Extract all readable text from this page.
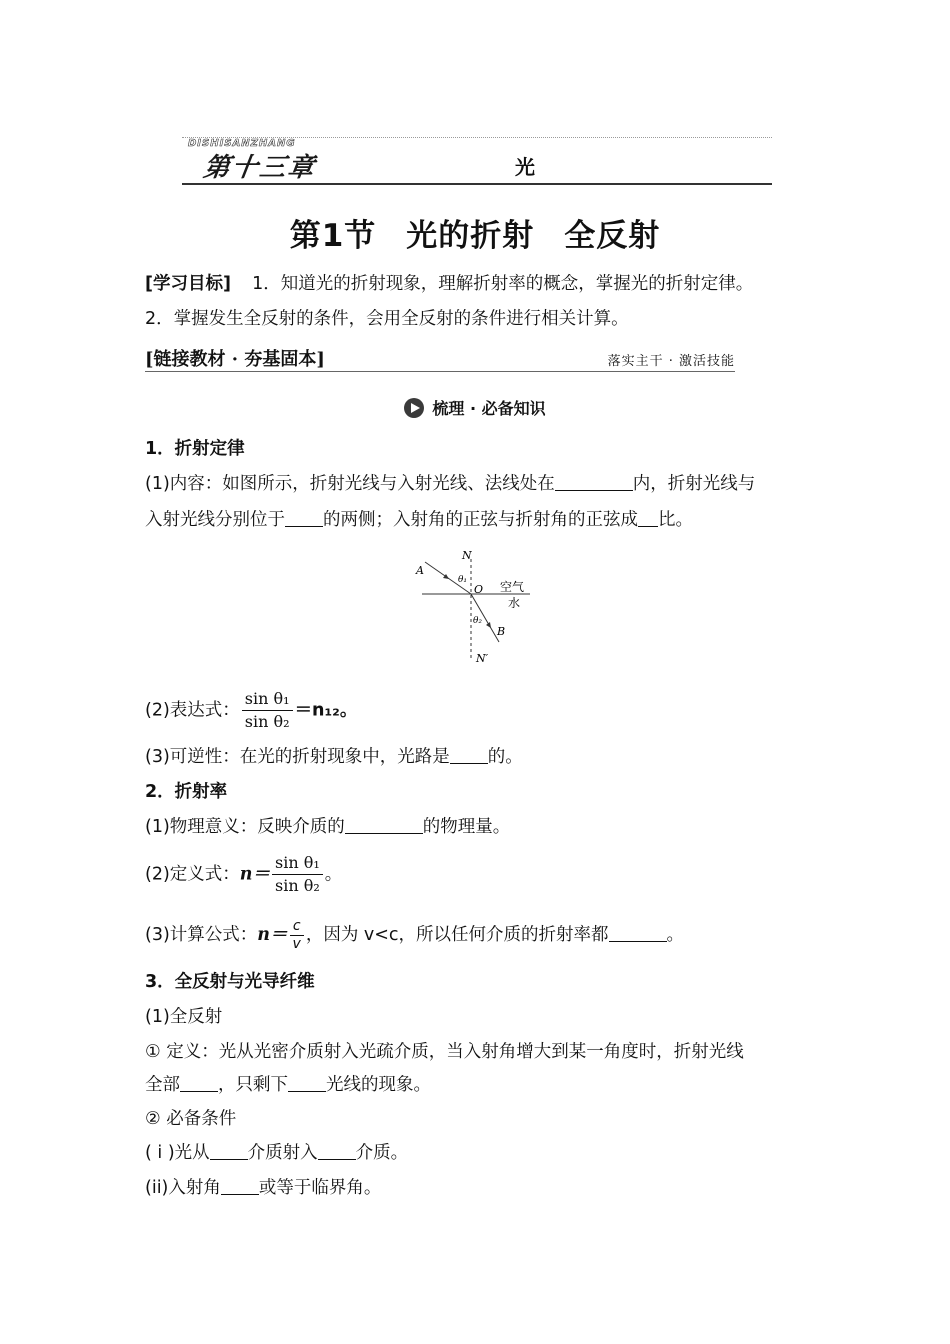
DISHISANZHANG
第十三章	光
第1节 光的折射 全反射
[学习目标] 1．知道光的折射现象，理解折射率的概念，掌握光的折射定律。
2．掌握发生全反射的条件，会用全反射的条件进行相关计算。
[链接教材 · 夯基固本]	落实主干 · 激活技能
梳理 · 必备知识
1．折射定律
(1)内容：如图所示，折射光线与入射光线、法线处在	内，折射光线与
入射光线分别位于 的两侧；入射角的正弦与折射角的正弦成 比。
N
N′
A
B
O
θ₁
θ₂
空气
水
(2)表达式： $\frac{\text{sin θ₁}}{\text{sin θ₂}} =n_{12}$。
(3)可逆性：在光的折射现象中，光路是 的。
2．折射率
(1)物理意义：反映介质的	的物理量。
(2)定义式：$n= \frac{\text{sin θ₁}}{\text{sin θ₂}}$ 。
(3)计算公式：$n= \frac{c}{v}$ ，因为 v<c，所以任何介质的折射率都	。
3．全反射与光导纤维
(1)全反射
① 定义：光从光密介质射入光疏介质，当入射角增大到某一角度时，折射光线
全部 ，只剩下 光线的现象。
② 必备条件
( i )光从 介质射入 介质。
(ii)入射角 或等于临界角。
